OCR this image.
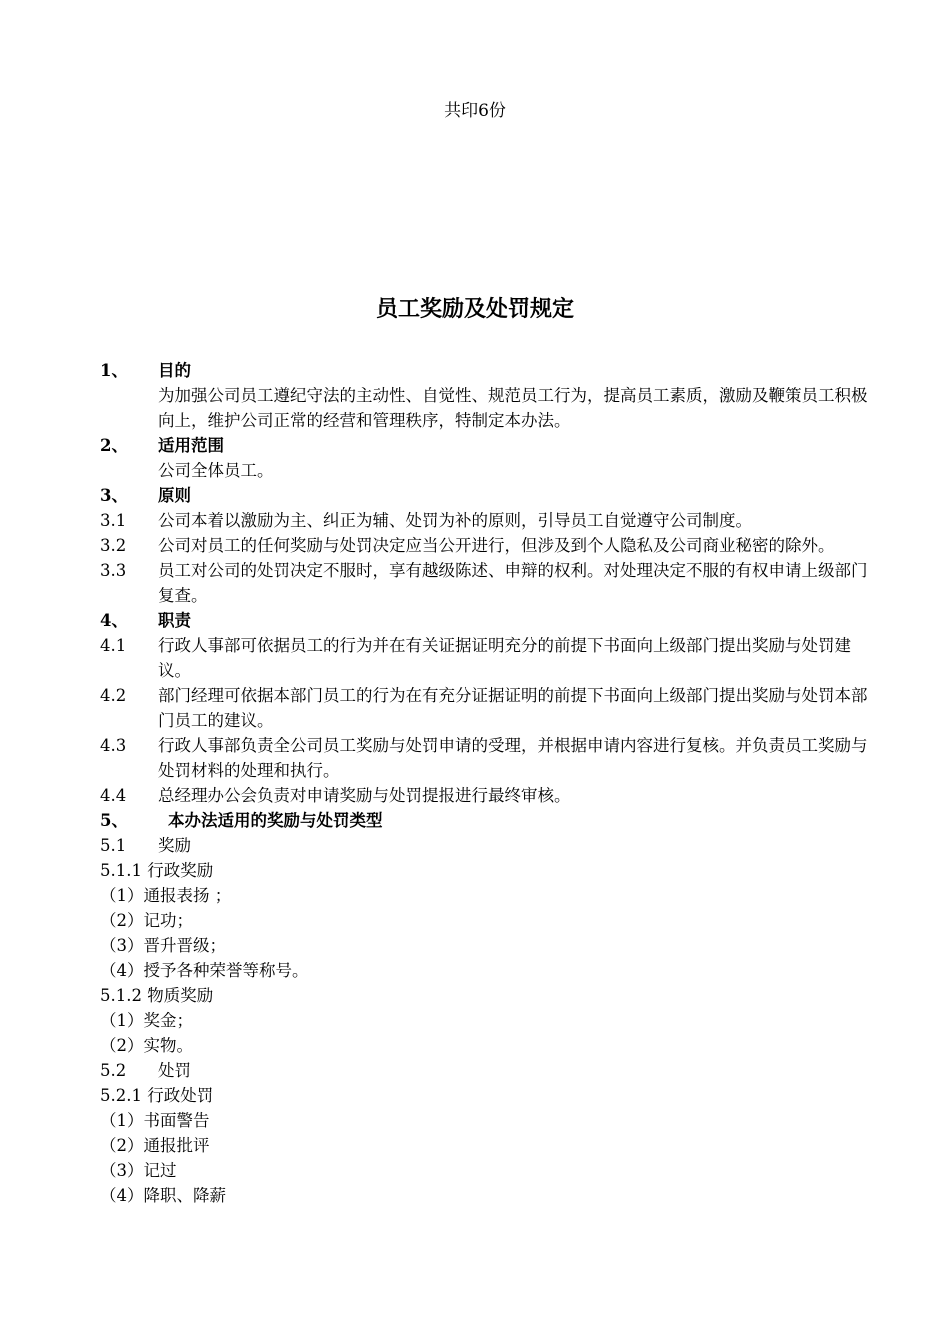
共印6份
员工奖励及处罚规定
1、	目的
为加强公司员工遵纪守法的主动性、自觉性、规范员工行为，提高员工素质，激励及鞭策员工积极向上，维护公司正常的经营和管理秩序，特制定本办法。
2、	适用范围
公司全体员工。
3、	原则
3.1	公司本着以激励为主、纠正为辅、处罚为补的原则，引导员工自觉遵守公司制度。
3.2	公司对员工的任何奖励与处罚决定应当公开进行，但涉及到个人隐私及公司商业秘密的除外。
3.3	员工对公司的处罚决定不服时，享有越级陈述、申辩的权利。对处理决定不服的有权申请上级部门复查。
4、	职责
4.1	行政人事部可依据员工的行为并在有关证据证明充分的前提下书面向上级部门提出奖励与处罚建议。
4.2	部门经理可依据本部门员工的行为在有充分证据证明的前提下书面向上级部门提出奖励与处罚本部门员工的建议。
4.3	行政人事部负责全公司员工奖励与处罚申请的受理，并根据申请内容进行复核。并负责员工奖励与处罚材料的处理和执行。
4.4	总经理办公会负责对申请奖励与处罚提报进行最终审核。
5、	本办法适用的奖励与处罚类型
5.1	奖励
5.1.1 行政奖励
（1）通报表扬 ；
（2）记功；
（3）晋升晋级；
（4）授予各种荣誉等称号。
5.1.2 物质奖励
（1）奖金；
（2）实物。
5.2	处罚
5.2.1 行政处罚
（1）书面警告
（2）通报批评
（3）记过
（4）降职、降薪
